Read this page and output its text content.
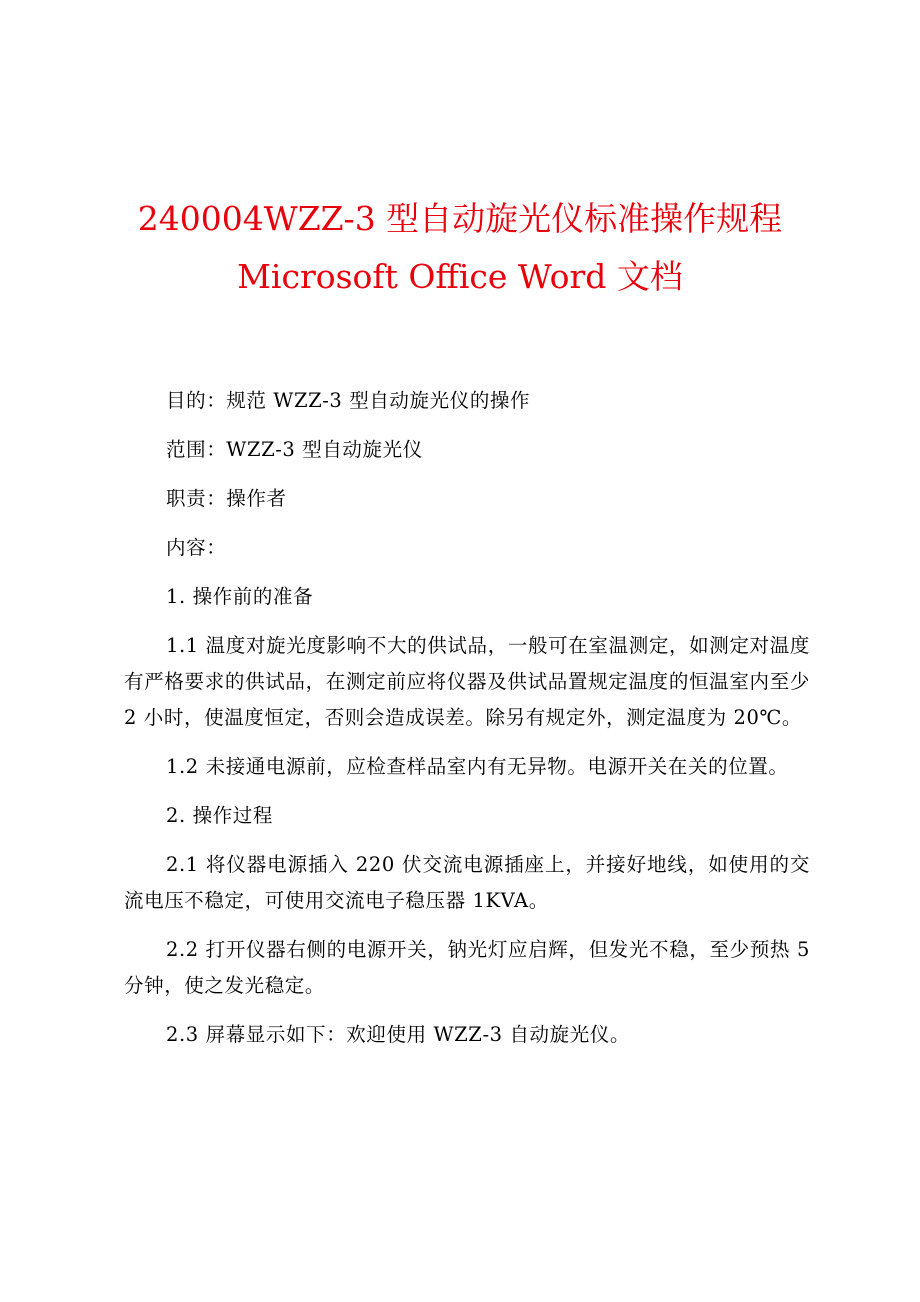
240004WZZ-3 型自动旋光仪标准操作规程
Microsoft Office Word 文档

目的：规范 WZZ-3 型自动旋光仪的操作

范围：WZZ-3 型自动旋光仪

职责：操作者

内容：

1. 操作前的准备

1.1 温度对旋光度影响不大的供试品，一般可在室温测定，如测定对温度有严格要求的供试品，在测定前应将仪器及供试品置规定温度的恒温室内至少 2 小时，使温度恒定，否则会造成误差。除另有规定外，测定温度为 20℃。

1.2 未接通电源前，应检查样品室内有无异物。电源开关在关的位置。

2. 操作过程

2.1 将仪器电源插入 220 伏交流电源插座上，并接好地线，如使用的交流电压不稳定，可使用交流电子稳压器 1KVA。

2.2 打开仪器右侧的电源开关，钠光灯应启辉，但发光不稳，至少预热 5 分钟，使之发光稳定。

2.3 屏幕显示如下：欢迎使用 WZZ-3 自动旋光仪。
